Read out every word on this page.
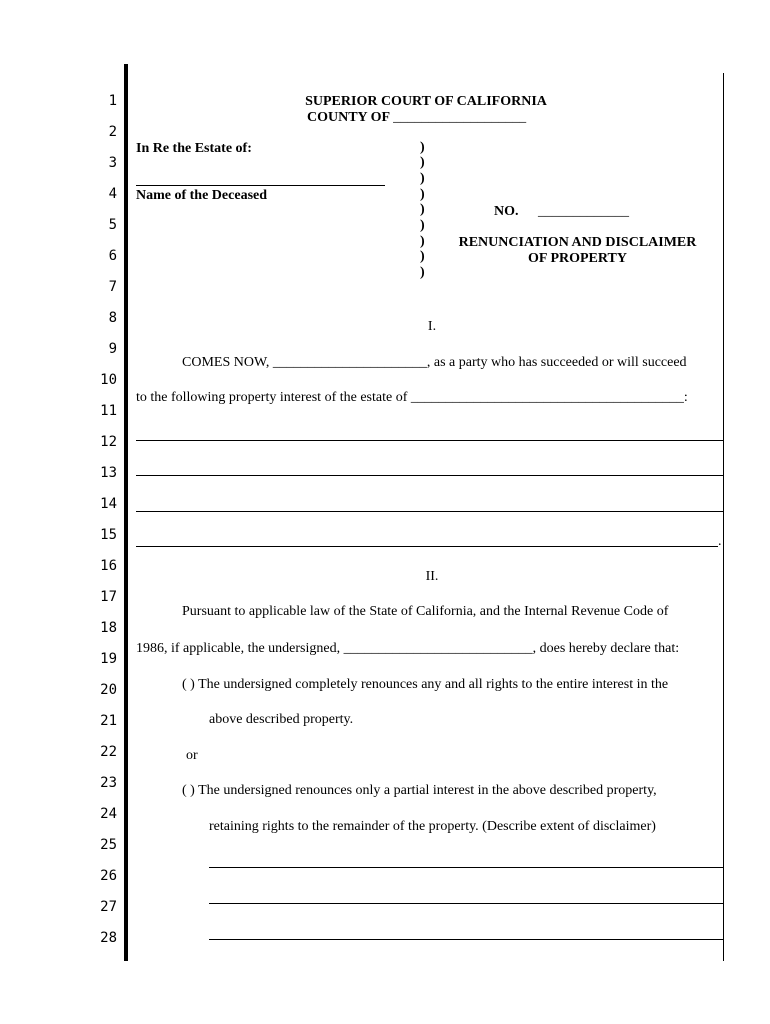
1
2
3
4
5
6
7
8
9
10
11
12
13
14
15
16
17
18
19
20
21
22
23
24
25
26
27
28
SUPERIOR COURT OF CALIFORNIA
COUNTY OF ___________________
In Re the Estate of:
Name of the Deceased
)
)
)
)
)
)
)
)
)
NO. _____________
RENUNCIATION AND DISCLAIMER
OF PROPERTY
I.
COMES NOW, ______________________, as a party who has succeeded or will succeed
to the following property interest of the estate of _______________________________________:
.
II.
Pursuant to applicable law of the State of California, and the Internal Revenue Code of
1986, if applicable, the undersigned, ___________________________, does hereby declare that:
( ) The undersigned completely renounces any and all rights to the entire interest in the
above described property.
or
( ) The undersigned renounces only a partial interest in the above described property,
retaining rights to the remainder of the property. (Describe extent of disclaimer)
